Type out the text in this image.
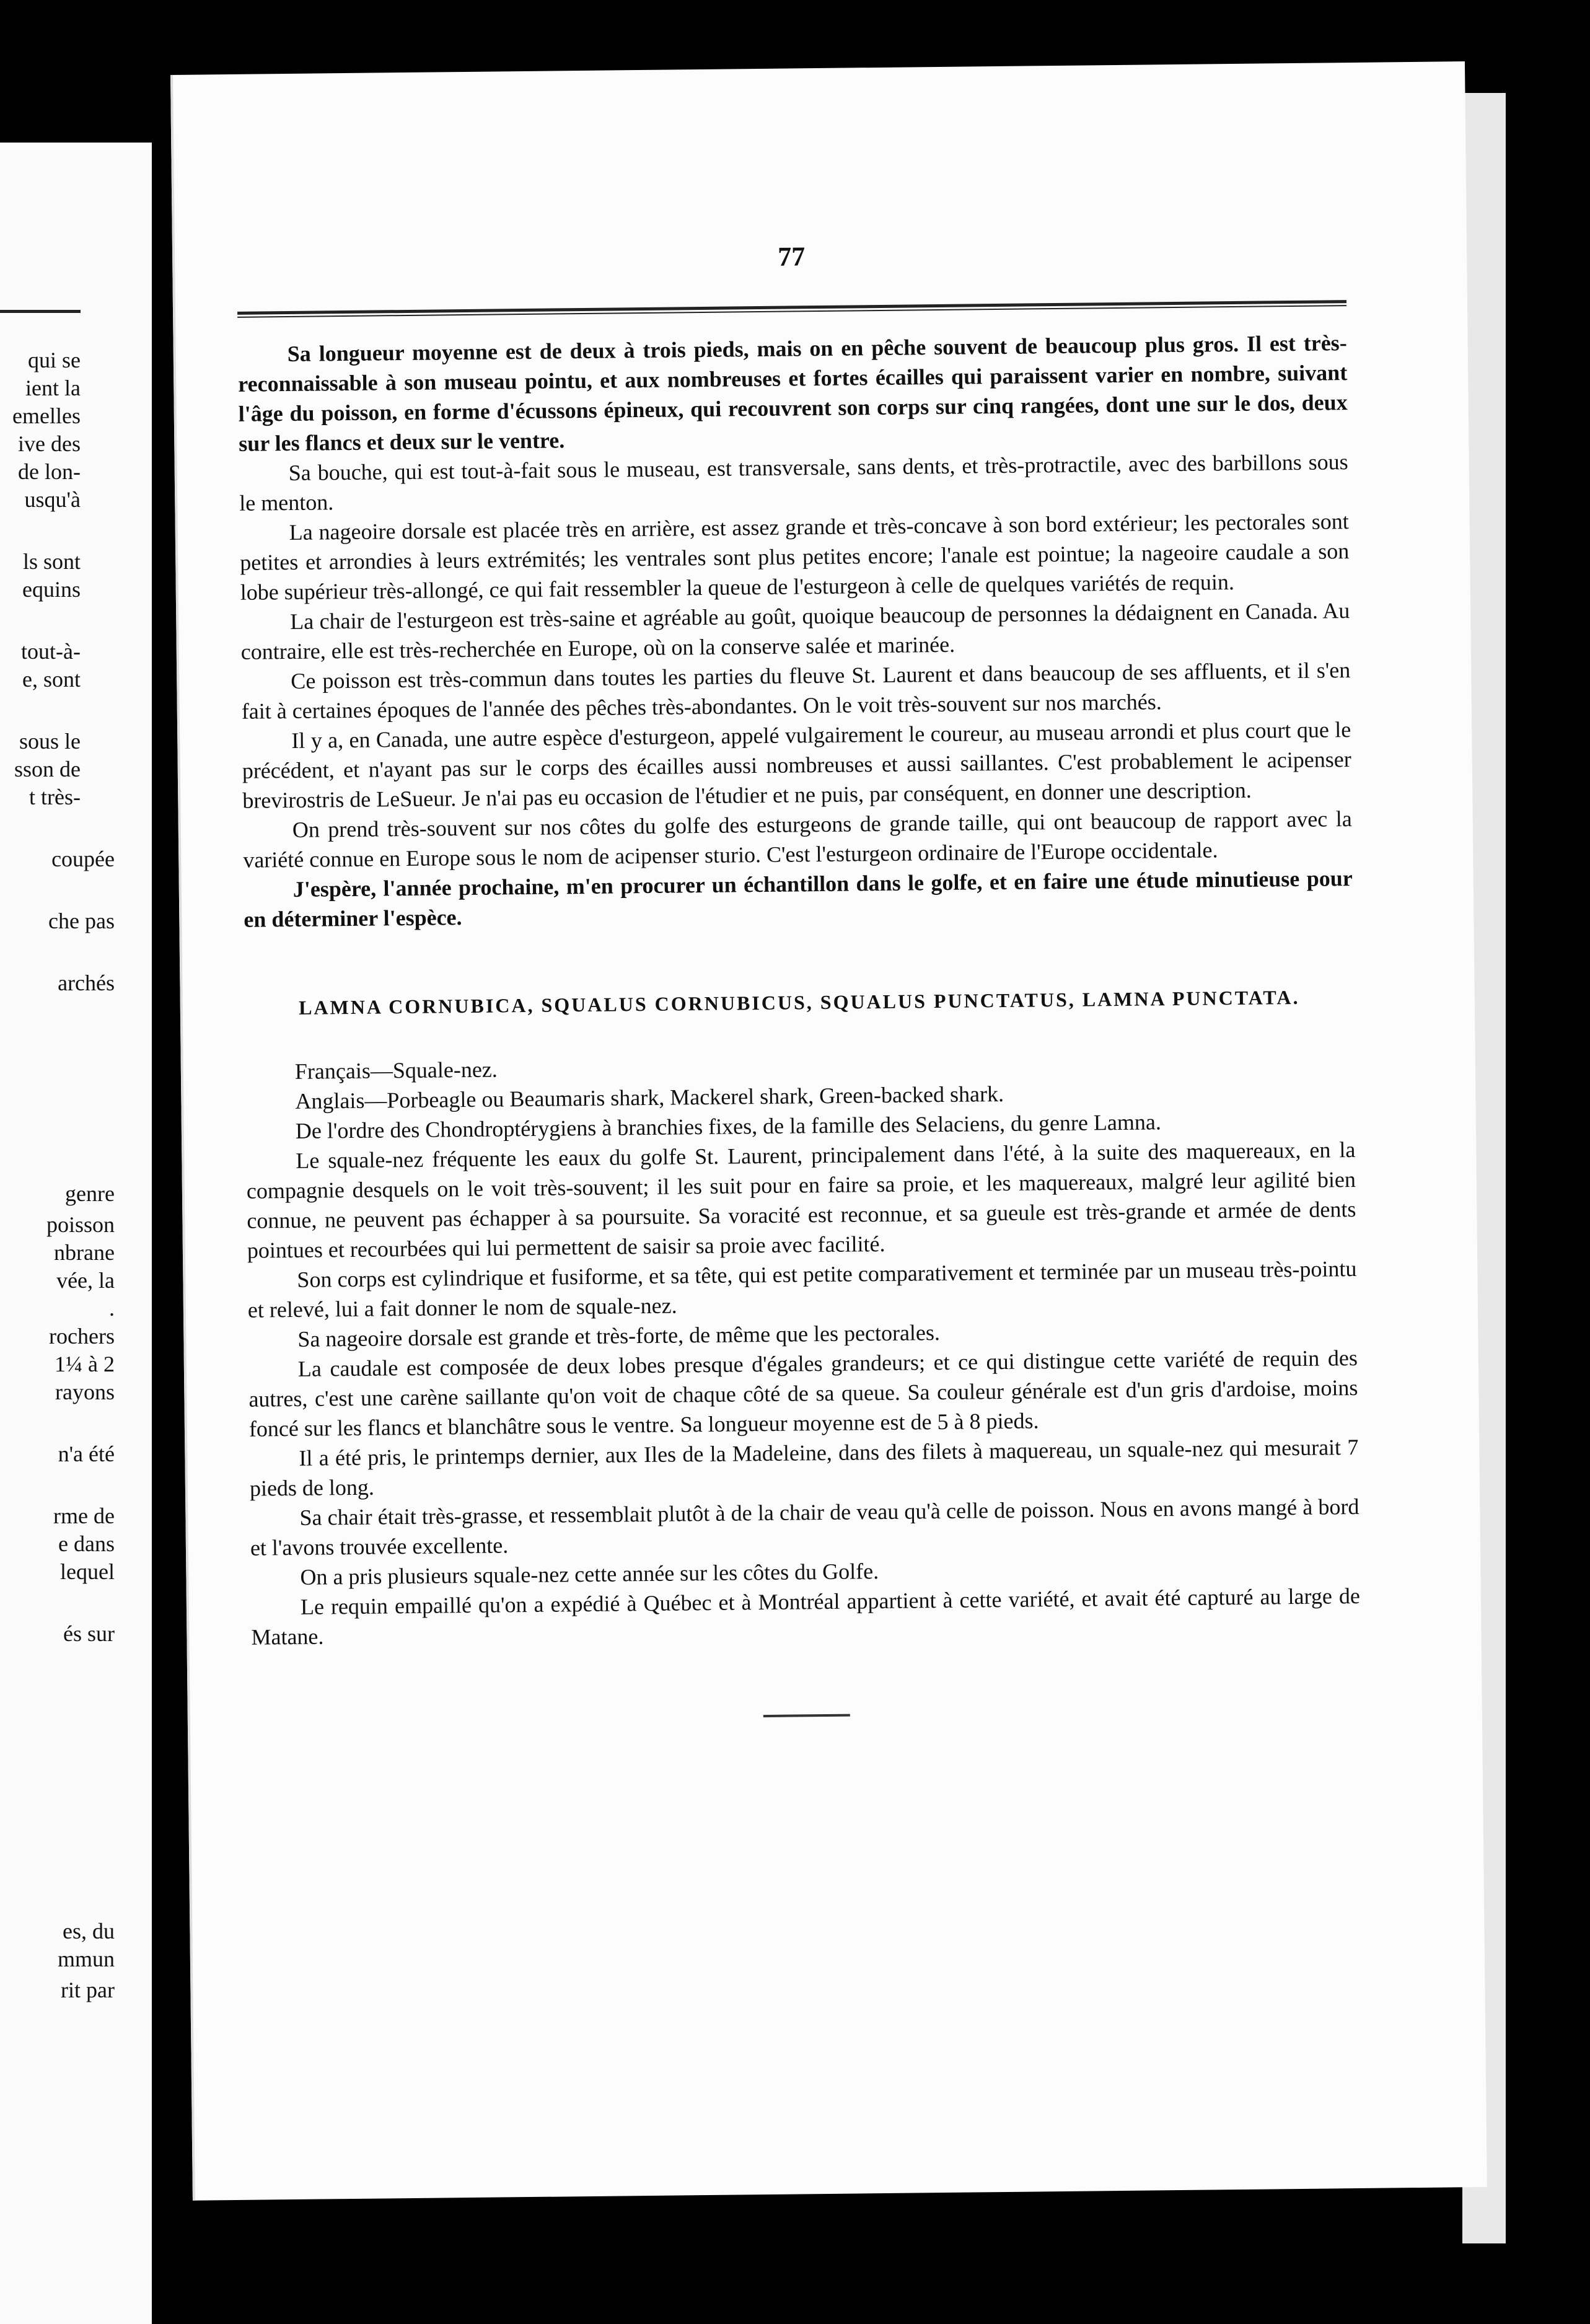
qui se
ient la
emelles
ive des
de lon-
usqu'à
ls sont
equins
tout-à-
e, sont
sous le
sson de
t très-
coupée
che pas
archés
genre
poisson
nbrane
vée, la
.
rochers
1¼ à 2
rayons
n'a été
rme de
e dans
lequel
és sur
es, du
mmun
rit par
77

Sa longueur moyenne est de deux à trois pieds, mais on en pêche souvent de beaucoup plus gros. Il est très-reconnaissable à son museau pointu, et aux nombreuses et fortes écailles qui paraissent varier en nombre, suivant l'âge du poisson, en forme d'écussons épineux, qui recouvrent son corps sur cinq rangées, dont une sur le dos, deux sur les flancs et deux sur le ventre.

Sa bouche, qui est tout-à-fait sous le museau, est transversale, sans dents, et très-protractile, avec des barbillons sous le menton.

La nageoire dorsale est placée très en arrière, est assez grande et très-concave à son bord extérieur; les pectorales sont petites et arrondies à leurs extrémités; les ventrales sont plus petites encore; l'anale est pointue; la nageoire caudale a son lobe supérieur très-allongé, ce qui fait ressembler la queue de l'esturgeon à celle de quelques variétés de requin.

La chair de l'esturgeon est très-saine et agréable au goût, quoique beaucoup de personnes la dédaignent en Canada. Au contraire, elle est très-recherchée en Europe, où on la conserve salée et marinée.

Ce poisson est très-commun dans toutes les parties du fleuve St. Laurent et dans beaucoup de ses affluents, et il s'en fait à certaines époques de l'année des pêches très-abondantes. On le voit très-souvent sur nos marchés.

Il y a, en Canada, une autre espèce d'esturgeon, appelé vulgairement le coureur, au museau arrondi et plus court que le précédent, et n'ayant pas sur le corps des écailles aussi nombreuses et aussi saillantes. C'est probablement le acipenser brevirostris de LeSueur. Je n'ai pas eu occasion de l'étudier et ne puis, par conséquent, en donner une description.

On prend très-souvent sur nos côtes du golfe des esturgeons de grande taille, qui ont beaucoup de rapport avec la variété connue en Europe sous le nom de acipenser sturio. C'est l'esturgeon ordinaire de l'Europe occidentale.

J'espère, l'année prochaine, m'en procurer un échantillon dans le golfe, et en faire une étude minutieuse pour en déterminer l'espèce.

LAMNA CORNUBICA, SQUALUS CORNUBICUS, SQUALUS PUNCTATUS, LAMNA PUNCTATA.

Français—Squale-nez.

Anglais—Porbeagle ou Beaumaris shark, Mackerel shark, Green-backed shark.

De l'ordre des Chondroptérygiens à branchies fixes, de la famille des Selaciens, du genre Lamna.

Le squale-nez fréquente les eaux du golfe St. Laurent, principalement dans l'été, à la suite des maquereaux, en la compagnie desquels on le voit très-souvent; il les suit pour en faire sa proie, et les maquereaux, malgré leur agilité bien connue, ne peuvent pas échapper à sa poursuite. Sa voracité est reconnue, et sa gueule est très-grande et armée de dents pointues et recourbées qui lui permettent de saisir sa proie avec facilité.

Son corps est cylindrique et fusiforme, et sa tête, qui est petite comparativement et terminée par un museau très-pointu et relevé, lui a fait donner le nom de squale-nez.

Sa nageoire dorsale est grande et très-forte, de même que les pectorales.

La caudale est composée de deux lobes presque d'égales grandeurs; et ce qui distingue cette variété de requin des autres, c'est une carène saillante qu'on voit de chaque côté de sa queue. Sa couleur générale est d'un gris d'ardoise, moins foncé sur les flancs et blanchâtre sous le ventre. Sa longueur moyenne est de 5 à 8 pieds.

Il a été pris, le printemps dernier, aux Iles de la Madeleine, dans des filets à maquereau, un squale-nez qui mesurait 7 pieds de long.

Sa chair était très-grasse, et ressemblait plutôt à de la chair de veau qu'à celle de poisson. Nous en avons mangé à bord et l'avons trouvée excellente.

On a pris plusieurs squale-nez cette année sur les côtes du Golfe.

Le requin empaillé qu'on a expédié à Québec et à Montréal appartient à cette variété, et avait été capturé au large de Matane.
